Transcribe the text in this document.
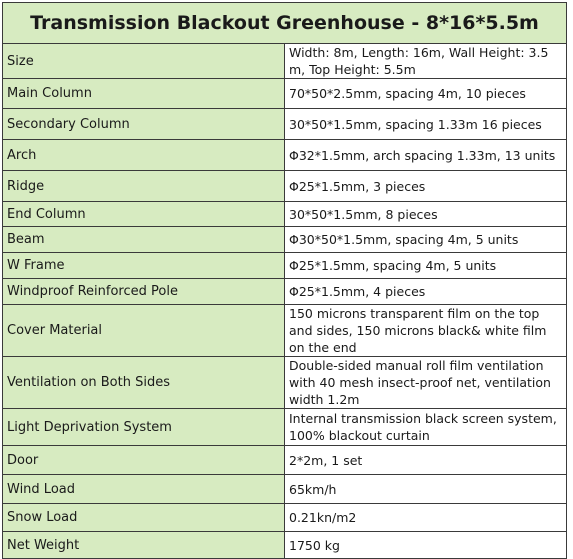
Transmission Blackout Greenhouse - 8*16*5.5m	
Size	Width: 8m, Length: 16m, Wall Height: 3.5 m, Top Height: 5.5m
Main Column	70*50*2.5mm, spacing 4m, 10 pieces
Secondary Column	30*50*1.5mm, spacing 1.33m 16 pieces
Arch	Φ32*1.5mm, arch spacing 1.33m, 13 units
Ridge	Φ25*1.5mm, 3 pieces
End Column	30*50*1.5mm, 8 pieces
Beam	Φ30*50*1.5mm, spacing 4m, 5 units
W Frame	Φ25*1.5mm, spacing 4m, 5 units
Windproof Reinforced Pole	Φ25*1.5mm, 4 pieces
Cover Material	150 microns transparent film on the top and sides, 150 microns black& white film on the end
Ventilation on Both Sides	Double-sided manual roll film ventilation with 40 mesh insect-proof net, ventilation width 1.2m
Light Deprivation System	Internal transmission black screen system, 100% blackout curtain
Door	2*2m, 1 set
Wind Load	65km/h
Snow Load	0.21kn/m2
Net Weight	1750 kg
